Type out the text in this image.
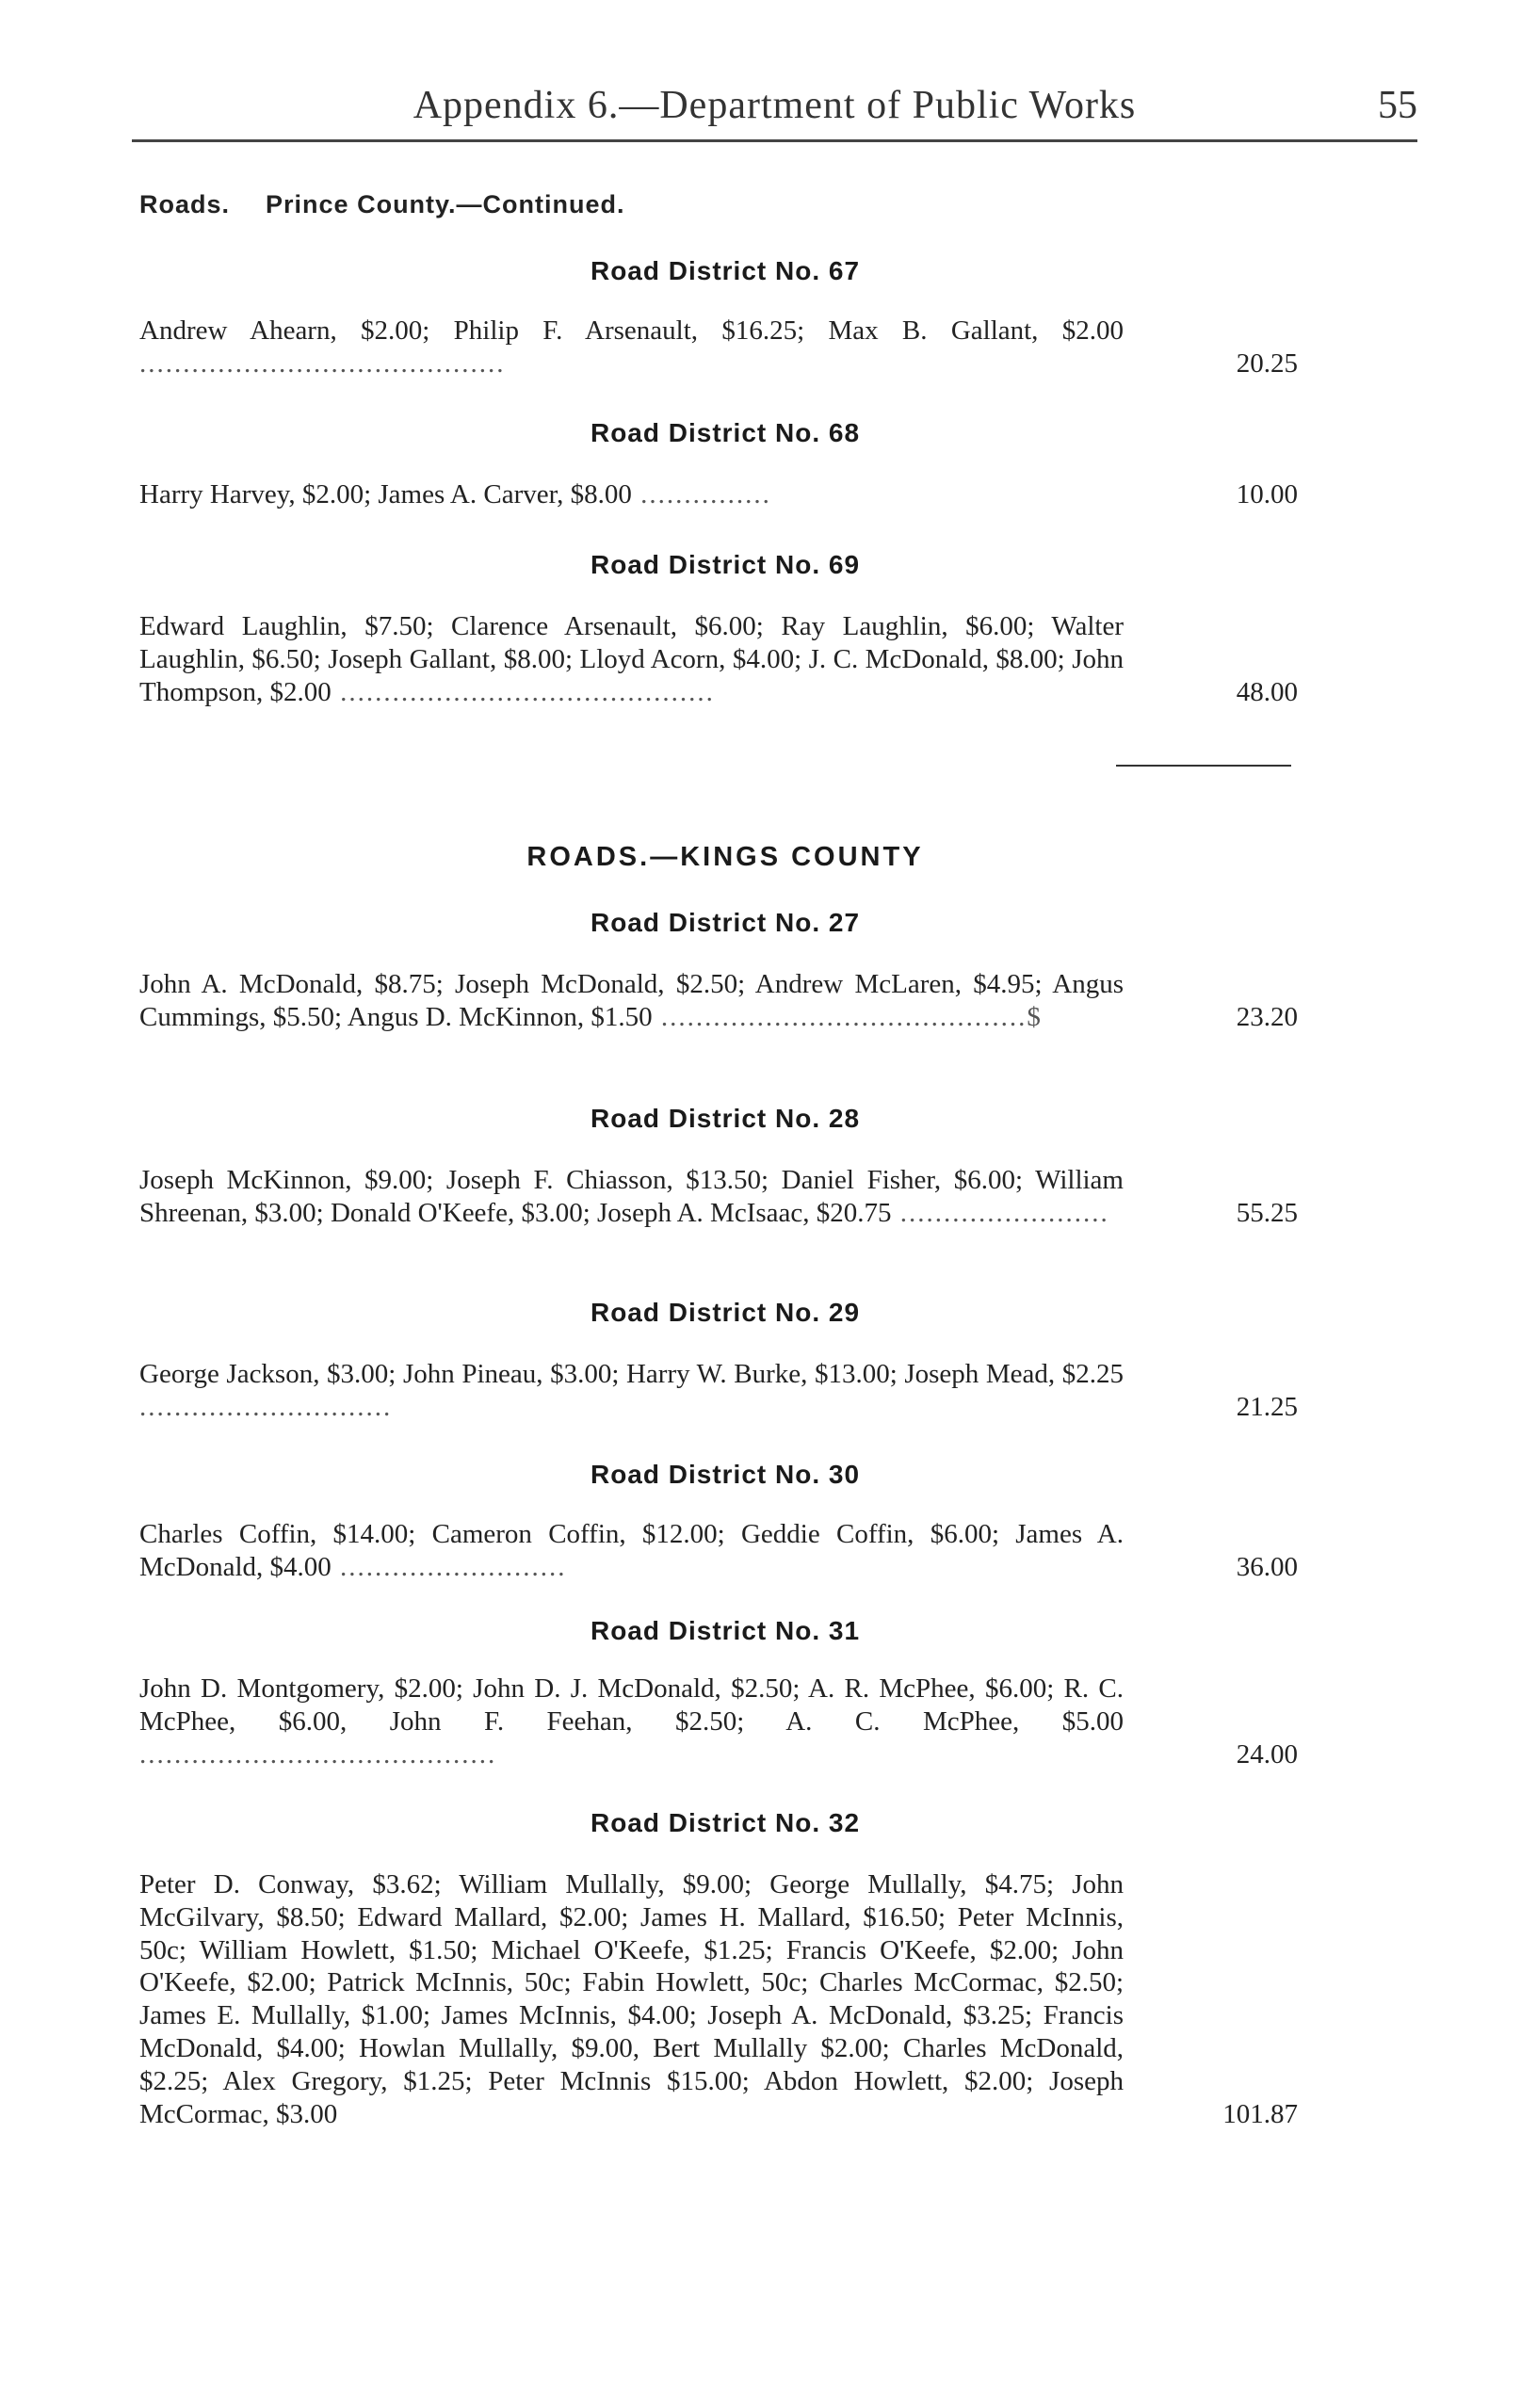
Appendix 6.—Department of Public Works	55
Roads. Prince County.—Continued.
Road District No. 67
Andrew Ahearn, $2.00; Philip F. Arsenault, $16.25; Max B. Gallant, $2.00 ..........................................	20.25
Road District No. 68
Harry Harvey, $2.00; James A. Carver, $8.00 ...............	10.00
Road District No. 69
Edward Laughlin, $7.50; Clarence Arsenault, $6.00; Ray Laughlin, $6.00; Walter Laughlin, $6.50; Joseph Gallant, $8.00; Lloyd Acorn, $4.00; J. C. McDonald, $8.00; John Thompson, $2.00 ...........................................	48.00
ROADS.—KINGS COUNTY
Road District No. 27
John A. McDonald, $8.75; Joseph McDonald, $2.50; Andrew McLaren, $4.95; Angus Cummings, $5.50; Angus D. McKinnon, $1.50 ..........................................$	23.20
Road District No. 28
Joseph McKinnon, $9.00; Joseph F. Chiasson, $13.50; Daniel Fisher, $6.00; William Shreenan, $3.00; Donald O'Keefe, $3.00; Joseph A. McIsaac, $20.75 ........................	55.25
Road District No. 29
George Jackson, $3.00; John Pineau, $3.00; Harry W. Burke, $13.00; Joseph Mead, $2.25 .............................	21.25
Road District No. 30
Charles Coffin, $14.00; Cameron Coffin, $12.00; Geddie Coffin, $6.00; James A. McDonald, $4.00 ..........................	36.00
Road District No. 31
John D. Montgomery, $2.00; John D. J. McDonald, $2.50; A. R. McPhee, $6.00; R. C. McPhee, $6.00, John F. Feehan, $2.50; A. C. McPhee, $5.00 .........................................	24.00
Road District No. 32
Peter D. Conway, $3.62; William Mullally, $9.00; George Mullally, $4.75; John McGilvary, $8.50; Edward Mallard, $2.00; James H. Mallard, $16.50; Peter McInnis, 50c; William Howlett, $1.50; Michael O'Keefe, $1.25; Francis O'Keefe, $2.00; John O'Keefe, $2.00; Patrick McInnis, 50c; Fabin Howlett, 50c; Charles McCormac, $2.50; James E. Mullally, $1.00; James McInnis, $4.00; Joseph A. McDonald, $3.25; Francis McDonald, $4.00; Howlan Mullally, $9.00, Bert Mullally $2.00; Charles McDonald, $2.25; Alex Gregory, $1.25; Peter McInnis $15.00; Abdon Howlett, $2.00; Joseph McCormac, $3.00	101.87
